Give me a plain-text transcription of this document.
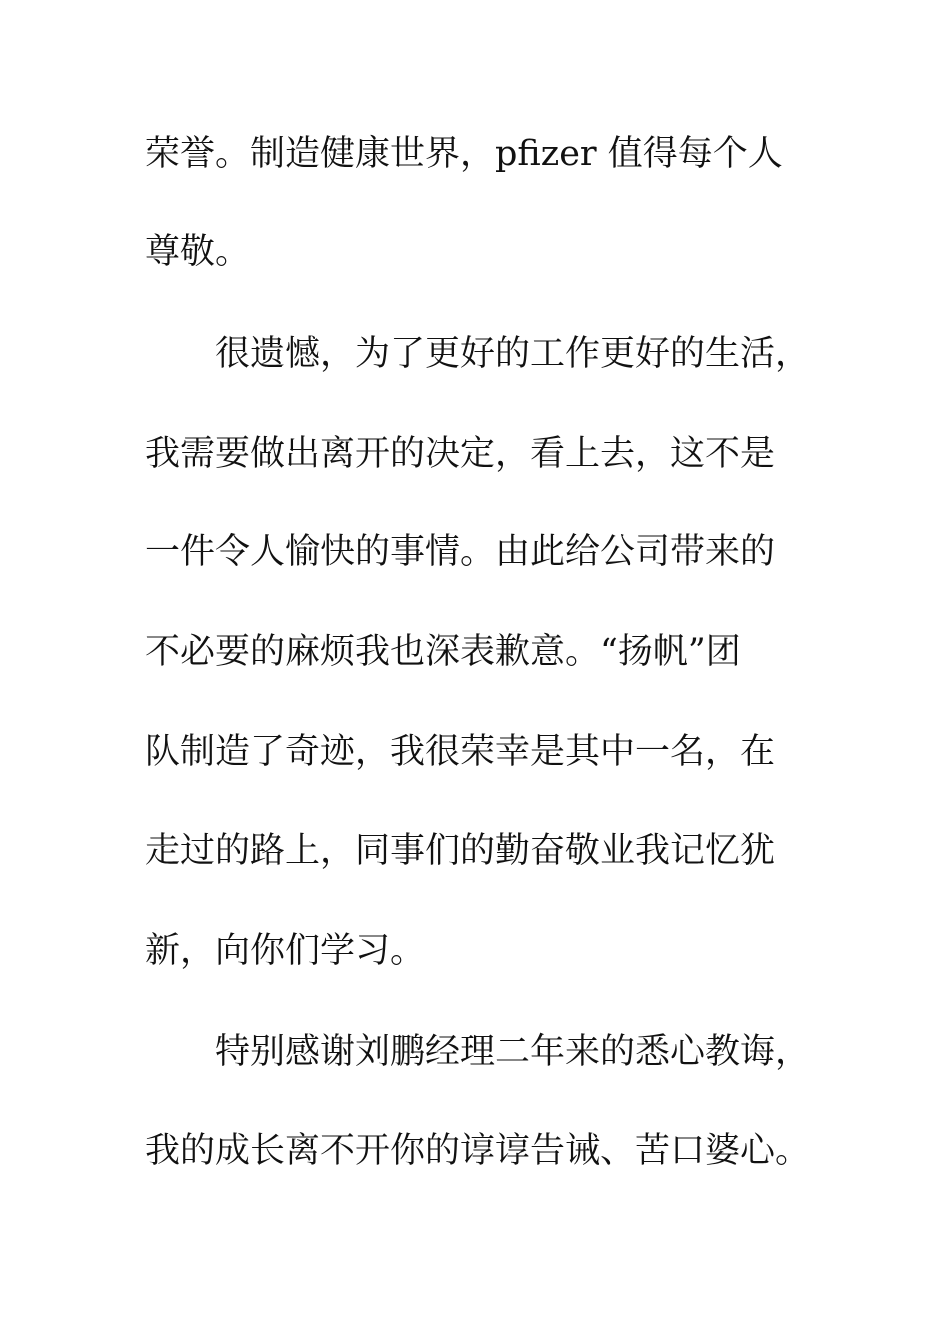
荣誉。制造健康世界，pfizer 值得每个人
尊敬。
很遗憾，为了更好的工作更好的生活，
我需要做出离开的决定，看上去，这不是
一件令人愉快的事情。由此给公司带来的
不必要的麻烦我也深表歉意。“扬帆”团
队制造了奇迹，我很荣幸是其中一名，在
走过的路上，同事们的勤奋敬业我记忆犹
新，向你们学习。
特别感谢刘鹏经理二年来的悉心教诲，
我的成长离不开你的谆谆告诫、苦口婆心。
